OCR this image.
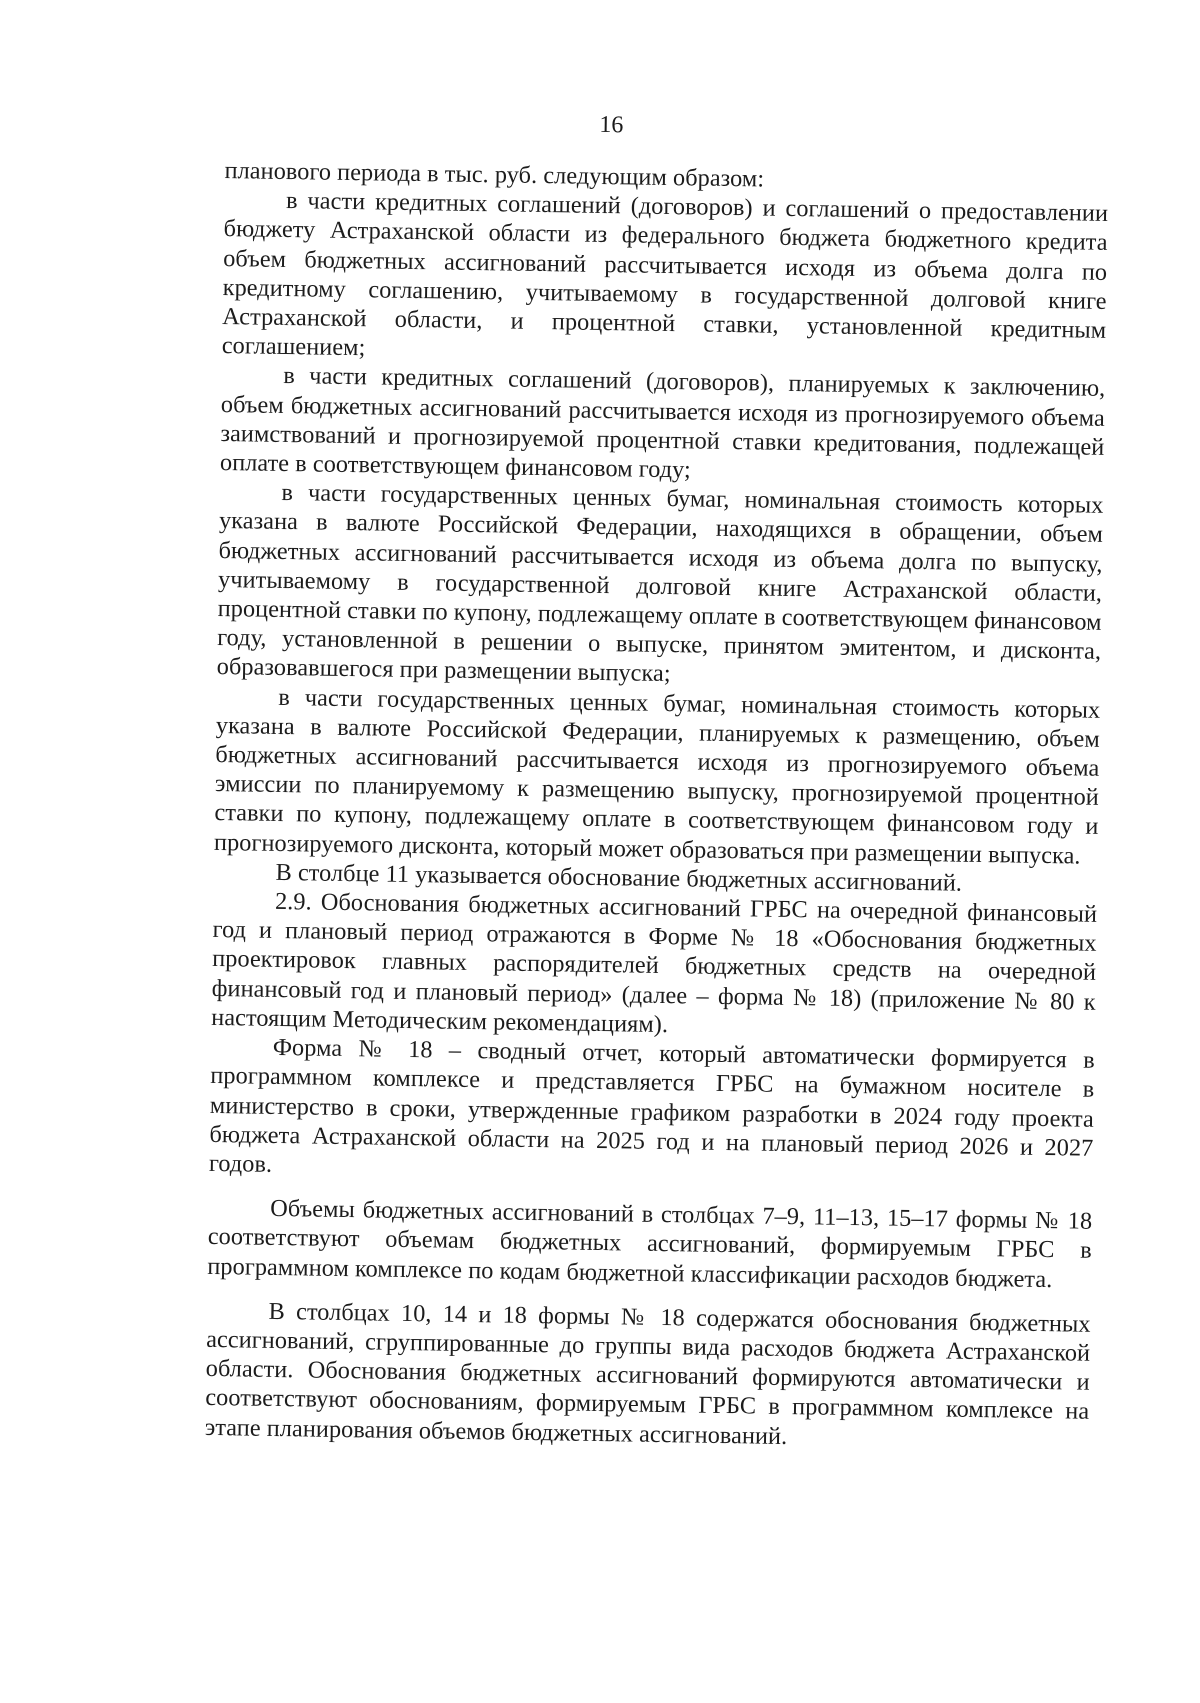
16

планового периода в тыс. руб. следующим образом:

в части кредитных соглашений (договоров) и соглашений о предоставлении бюджету Астраханской области из федерального бюджета бюджетного кредита объем бюджетных ассигнований рассчитывается исходя из объема долга по кредитному соглашению, учитываемому в государственной долговой книге Астраханской области, и процентной ставки, установленной кредитным соглашением;

в части кредитных соглашений (договоров), планируемых к заключению, объем бюджетных ассигнований рассчитывается исходя из прогнозируемого объема заимствований и прогнозируемой процентной ставки кредитования, подлежащей оплате в соответствующем финансовом году;

в части государственных ценных бумаг, номинальная стоимость которых указана в валюте Российской Федерации, находящихся в обращении, объем бюджетных ассигнований рассчитывается исходя из объема долга по выпуску, учитываемому в государственной долговой книге Астраханской области, процентной ставки по купону, подлежащему оплате в соответствующем финансовом году, установленной в решении о выпуске, принятом эмитентом, и дисконта, образовавшегося при размещении выпуска;

в части государственных ценных бумаг, номинальная стоимость которых указана в валюте Российской Федерации, планируемых к размещению, объем бюджетных ассигнований рассчитывается исходя из прогнозируемого объема эмиссии по планируемому к размещению выпуску, прогнозируемой процентной ставки по купону, подлежащему оплате в соответствующем финансовом году и прогнозируемого дисконта, который может образоваться при размещении выпуска.

В столбце 11 указывается обоснование бюджетных ассигнований.

2.9. Обоснования бюджетных ассигнований ГРБС на очередной финансовый год и плановый период отражаются в Форме № 18 «Обоснования бюджетных проектировок главных распорядителей бюджетных средств на очередной финансовый год и плановый период» (далее – форма № 18) (приложение № 80 к настоящим Методическим рекомендациям).

Форма № 18 – сводный отчет, который автоматически формируется в программном комплексе и представляется ГРБС на бумажном носителе в министерство в сроки, утвержденные графиком разработки в 2024 году проекта бюджета Астраханской области на 2025 год и на плановый период 2026 и 2027 годов.

Объемы бюджетных ассигнований в столбцах 7–9, 11–13, 15–17 формы № 18 соответствуют объемам бюджетных ассигнований, формируемым ГРБС в программном комплексе по кодам бюджетной классификации расходов бюджета.

В столбцах 10, 14 и 18 формы № 18 содержатся обоснования бюджетных ассигнований, сгруппированные до группы вида расходов бюджета Астраханской области. Обоснования бюджетных ассигнований формируются автоматически и соответствуют обоснованиям, формируемым ГРБС в программном комплексе на этапе планирования объемов бюджетных ассигнований.
